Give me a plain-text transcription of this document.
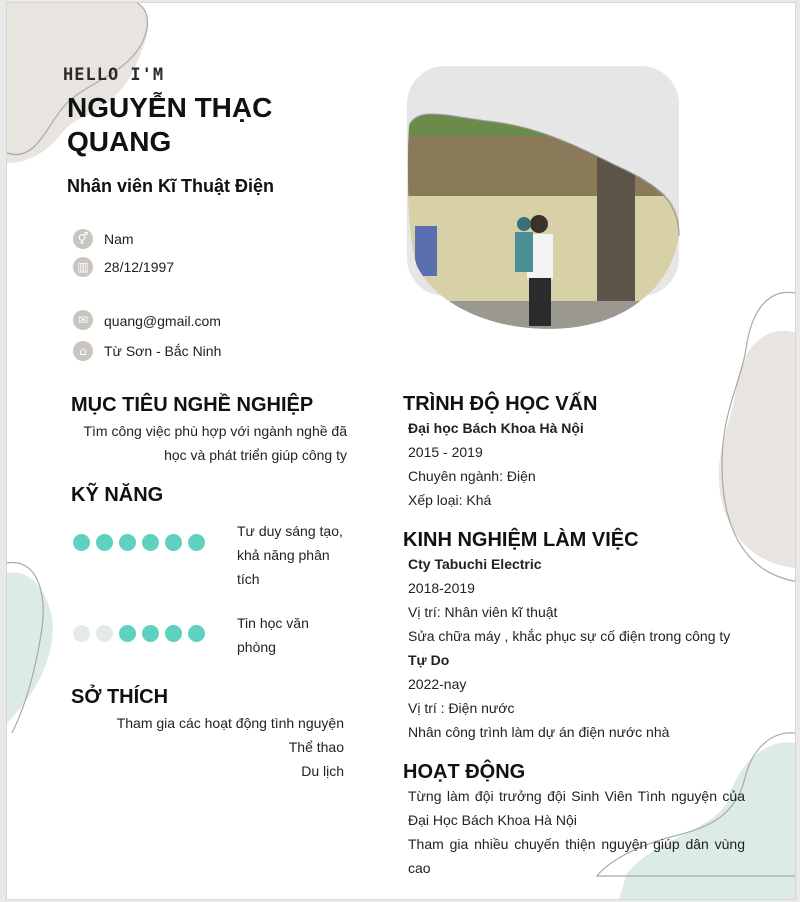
HELLO I'M
NGUYỄN THẠC QUANG
Nhân viên Kĩ Thuật Điện
⚥	Nam
▥	28/12/1997
✉	quang@gmail.com
⌂	Từ Sơn - Bắc Ninh
MỤC TIÊU NGHỀ NGHIỆP
Tìm công việc phù hợp với ngành nghề đã
học và phát triển giúp công ty
KỸ NĂNG
Tư duy sáng tạo,
khả năng phân
tích
Tin học văn
phòng
SỞ THÍCH
Tham gia các hoạt động tình nguyện
Thể thao
Du lịch
TRÌNH ĐỘ HỌC VẤN
Đại học Bách Khoa Hà Nội
2015 - 2019
Chuyên ngành: Điện
Xếp loại: Khá
KINH NGHIỆM LÀM VIỆC
Cty Tabuchi Electric
2018-2019
Vị trí: Nhân viên kĩ thuật
Sửa chữa máy , khắc phục sự cố điện trong công ty
Tự Do
2022-nay
Vị trí : Điện nước
Nhân công trình làm dự án điện nước nhà
HOẠT ĐỘNG
Từng làm đội trưởng đội Sinh Viên Tình nguyện của
Đại Học Bách Khoa Hà Nội
Tham gia nhiều chuyến thiện nguyện giúp dân vùng
cao
